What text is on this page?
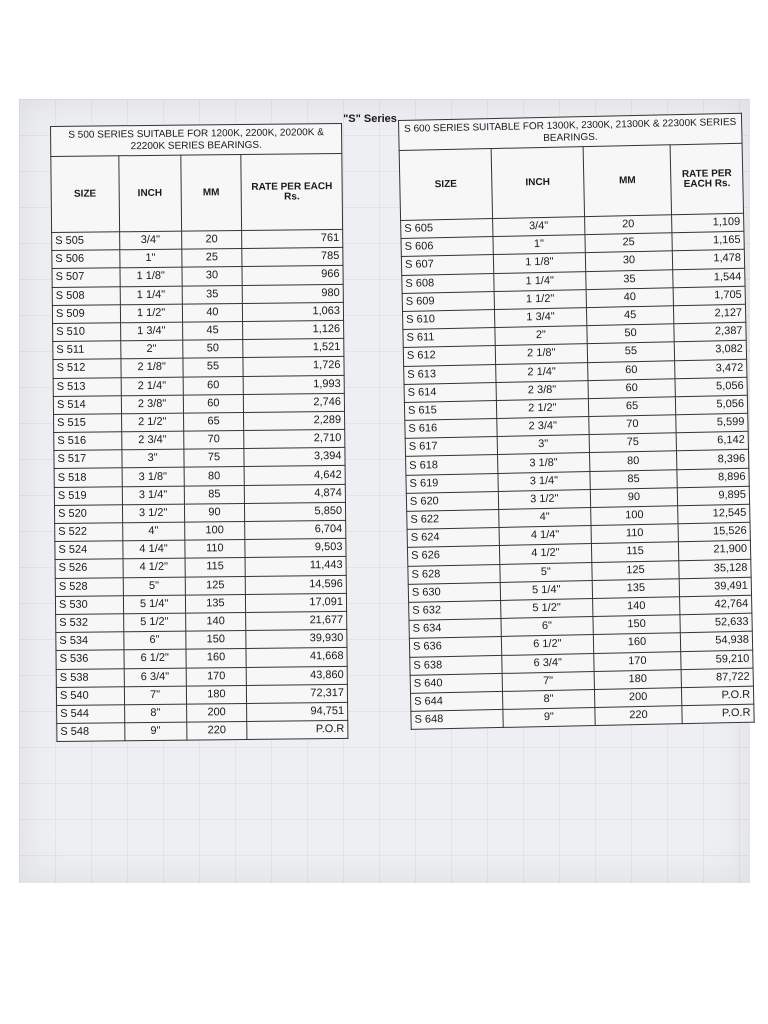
"S" Series
S 500 SERIES SUITABLE FOR 1200K, 2200K, 20200K & 22200K SERIES BEARINGS.			
SIZE	INCH	MM	RATE PER EACH Rs.
S 505	3/4"	20	761
S 506	1"	25	785
S 507	1 1/8"	30	966
S 508	1 1/4"	35	980
S 509	1 1/2"	40	1,063
S 510	1 3/4"	45	1,126
S 511	2"	50	1,521
S 512	2 1/8"	55	1,726
S 513	2 1/4"	60	1,993
S 514	2 3/8"	60	2,746
S 515	2 1/2"	65	2,289
S 516	2 3/4"	70	2,710
S 517	3"	75	3,394
S 518	3 1/8"	80	4,642
S 519	3 1/4"	85	4,874
S 520	3 1/2"	90	5,850
S 522	4"	100	6,704
S 524	4 1/4"	110	9,503
S 526	4 1/2"	115	11,443
S 528	5"	125	14,596
S 530	5 1/4"	135	17,091
S 532	5 1/2"	140	21,677
S 534	6"	150	39,930
S 536	6 1/2"	160	41,668
S 538	6 3/4"	170	43,860
S 540	7"	180	72,317
S 544	8"	200	94,751
S 548	9"	220	P.O.R
S 600 SERIES SUITABLE FOR 1300K, 2300K, 21300K & 22300K SERIES BEARINGS.			
SIZE	INCH	MM	RATE PER EACH Rs.
S 605	3/4"	20	1,109
S 606	1"	25	1,165
S 607	1 1/8"	30	1,478
S 608	1 1/4"	35	1,544
S 609	1 1/2"	40	1,705
S 610	1 3/4"	45	2,127
S 611	2"	50	2,387
S 612	2 1/8"	55	3,082
S 613	2 1/4"	60	3,472
S 614	2 3/8"	60	5,056
S 615	2 1/2"	65	5,056
S 616	2 3/4"	70	5,599
S 617	3"	75	6,142
S 618	3 1/8"	80	8,396
S 619	3 1/4"	85	8,896
S 620	3 1/2"	90	9,895
S 622	4"	100	12,545
S 624	4 1/4"	110	15,526
S 626	4 1/2"	115	21,900
S 628	5"	125	35,128
S 630	5 1/4"	135	39,491
S 632	5 1/2"	140	42,764
S 634	6"	150	52,633
S 636	6 1/2"	160	54,938
S 638	6 3/4"	170	59,210
S 640	7"	180	87,722
S 644	8"	200	P.O.R
S 648	9"	220	P.O.R
